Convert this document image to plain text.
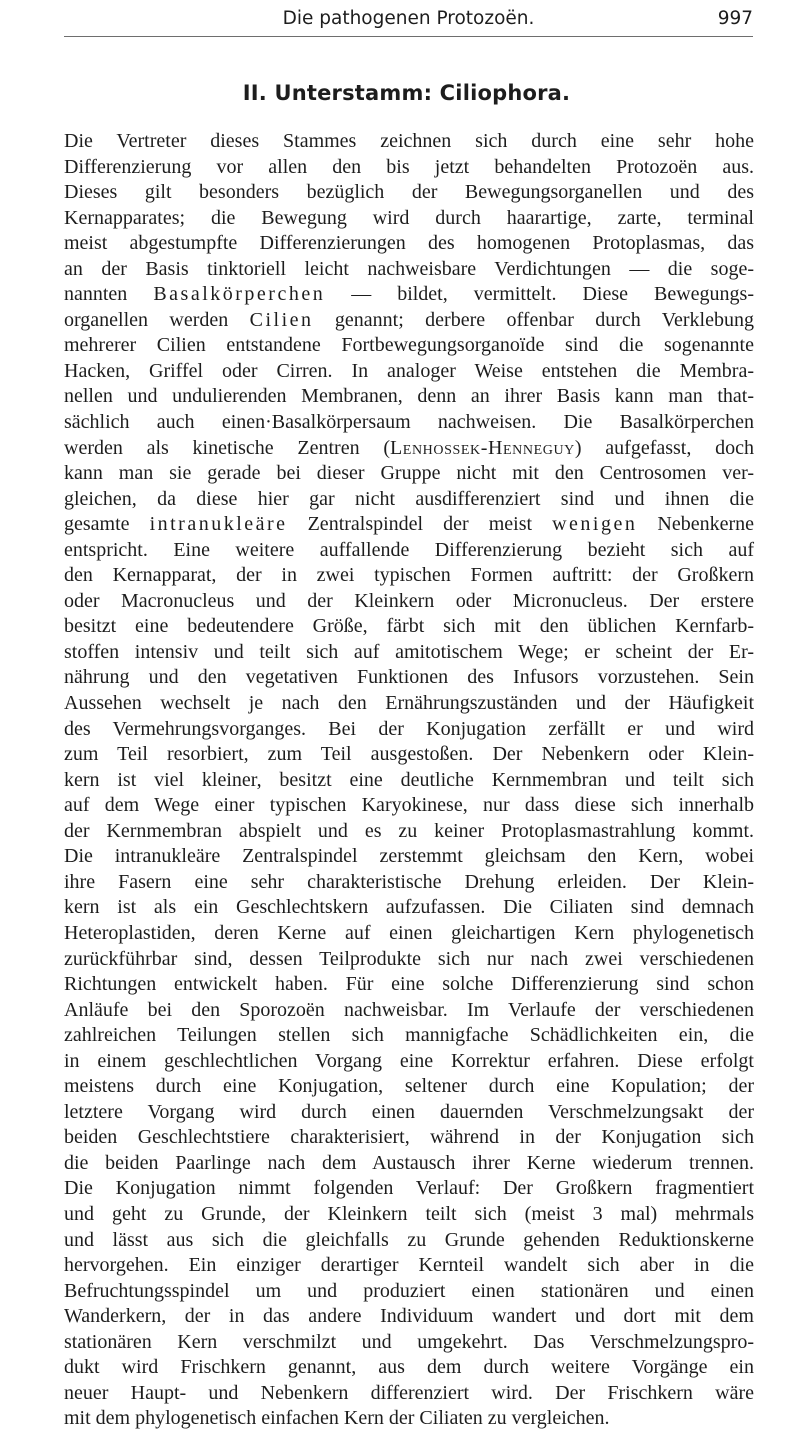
Die pathogenen Protozoën.	997
II. Unterstamm: Ciliophora.
Die Vertreter dieses Stammes zeichnen sich durch eine sehr hohe
Differenzierung vor allen den bis jetzt behandelten Protozoën aus.
Dieses gilt besonders bezüglich der Bewegungsorganellen und des
Kernapparates; die Bewegung wird durch haarartige, zarte, terminal
meist abgestumpfte Differenzierungen des homogenen Protoplasmas, das
an der Basis tinktoriell leicht nachweisbare Verdichtungen — die soge-
nannten Basalkörperchen — bildet, vermittelt. Diese Bewegungs-
organellen werden Cilien genannt; derbere offenbar durch Verklebung
mehrerer Cilien entstandene Fortbewegungsorganoïde sind die sogenannte
Hacken, Griffel oder Cirren. In analoger Weise entstehen die Membra-
nellen und undulierenden Membranen, denn an ihrer Basis kann man that-
sächlich auch einen·Basalkörpersaum nachweisen. Die Basalkörperchen
werden als kinetische Zentren (Lenhossek-Henneguy) aufgefasst, doch
kann man sie gerade bei dieser Gruppe nicht mit den Centrosomen ver-
gleichen, da diese hier gar nicht ausdifferenziert sind und ihnen die
gesamte intranukleäre Zentralspindel der meist wenigen Nebenkerne
entspricht. Eine weitere auffallende Differenzierung bezieht sich auf
den Kernapparat, der in zwei typischen Formen auftritt: der Großkern
oder Macronucleus und der Kleinkern oder Micronucleus. Der erstere
besitzt eine bedeutendere Größe, färbt sich mit den üblichen Kernfarb-
stoffen intensiv und teilt sich auf amitotischem Wege; er scheint der Er-
nährung und den vegetativen Funktionen des Infusors vorzustehen. Sein
Aussehen wechselt je nach den Ernährungszuständen und der Häufigkeit
des Vermehrungsvorganges. Bei der Konjugation zerfällt er und wird
zum Teil resorbiert, zum Teil ausgestoßen. Der Nebenkern oder Klein-
kern ist viel kleiner, besitzt eine deutliche Kernmembran und teilt sich
auf dem Wege einer typischen Karyokinese, nur dass diese sich innerhalb
der Kernmembran abspielt und es zu keiner Protoplasmastrahlung kommt.
Die intranukleäre Zentralspindel zerstemmt gleichsam den Kern, wobei
ihre Fasern eine sehr charakteristische Drehung erleiden. Der Klein-
kern ist als ein Geschlechtskern aufzufassen. Die Ciliaten sind demnach
Heteroplastiden, deren Kerne auf einen gleichartigen Kern phylogenetisch
zurückführbar sind, dessen Teilprodukte sich nur nach zwei verschiedenen
Richtungen entwickelt haben. Für eine solche Differenzierung sind schon
Anläufe bei den Sporozoën nachweisbar. Im Verlaufe der verschiedenen
zahlreichen Teilungen stellen sich mannigfache Schädlichkeiten ein, die
in einem geschlechtlichen Vorgang eine Korrektur erfahren. Diese erfolgt
meistens durch eine Konjugation, seltener durch eine Kopulation; der
letztere Vorgang wird durch einen dauernden Verschmelzungsakt der
beiden Geschlechtstiere charakterisiert, während in der Konjugation sich
die beiden Paarlinge nach dem Austausch ihrer Kerne wiederum trennen.
Die Konjugation nimmt folgenden Verlauf: Der Großkern fragmentiert
und geht zu Grunde, der Kleinkern teilt sich (meist 3 mal) mehrmals
und lässt aus sich die gleichfalls zu Grunde gehenden Reduktionskerne
hervorgehen. Ein einziger derartiger Kernteil wandelt sich aber in die
Befruchtungsspindel um und produziert einen stationären und einen
Wanderkern, der in das andere Individuum wandert und dort mit dem
stationären Kern verschmilzt und umgekehrt. Das Verschmelzungspro-
dukt wird Frischkern genannt, aus dem durch weitere Vorgänge ein
neuer Haupt- und Nebenkern differenziert wird. Der Frischkern wäre
mit dem phylogenetisch einfachen Kern der Ciliaten zu vergleichen.
